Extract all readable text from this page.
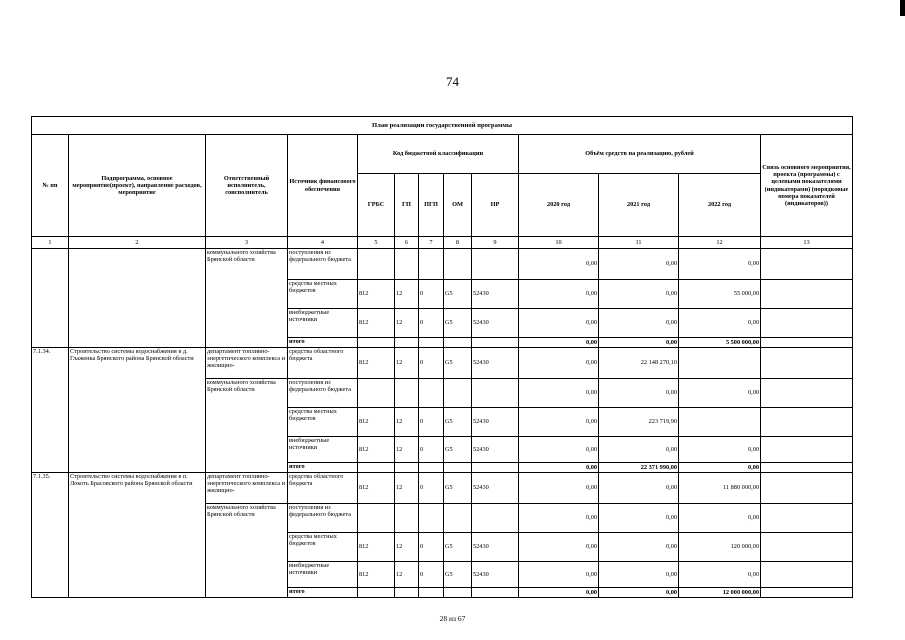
74
План реализации государственной программы												
№ пп	Подпрограмма, основное мероприятие(проект), направление расходов, мероприятие	Ответственный исполнитель, соисполнитель	Источник финансового обеспечения	Код бюджетной классификации					Объём средств на реализацию, рублей			Связь основного мероприятия, проекта (программы) с целевыми показателями (индикаторами) (порядковые номера показателей (индикаторов))
				ГРБС	ГП	ПГП	ОМ	НР	2020 год	2021 год	2022 год	
1	2	3	4	5	6	7	8	9	10	11	12	13
		коммунального хозяйства Брянской области	поступления из федерального бюджета						0,00	0,00	0,00	
			средства местных бюджетов	812	12	0	G5	52430	0,00	0,00	55 000,00	
			внебюджетные источники	812	12	0	G5	52430	0,00	0,00	0,00	
			итого						0,00	0,00	5 500 000,00	
7.1.34.	Строительство системы водоснабжения в д. Глаженка Брянского района Брянской области	департамент топливно-энергетического комплекса и жилищно-	средства областного бюджета	812	12	0	G5	52430	0,00	22 148 270,10		
		коммунального хозяйства Брянской области	поступления из федерального бюджета						0,00	0,00	0,00	
			средства местных бюджетов	812	12	0	G5	52430	0,00	223 719,90		
			внебюджетные источники	812	12	0	G5	52430	0,00	0,00	0,00	
			итого						0,00	22 371 990,00	0,00	
7.1.35.	Строительство системы водоснабжения в п. Локоть Брасовского района Брянской области	департамент топливно-энергетического комплекса и жилищно-	средства областного бюджета	812	12	0	G5	52430	0,00	0,00	11 880 000,00	
		коммунального хозяйства Брянской области	поступления из федерального бюджета						0,00	0,00	0,00	
			средства местных бюджетов	812	12	0	G5	52430	0,00	0,00	120 000,00	
			внебюджетные источники	812	12	0	G5	52430	0,00	0,00	0,00	
			итого						0,00	0,00	12 000 000,00	
28 из 67
